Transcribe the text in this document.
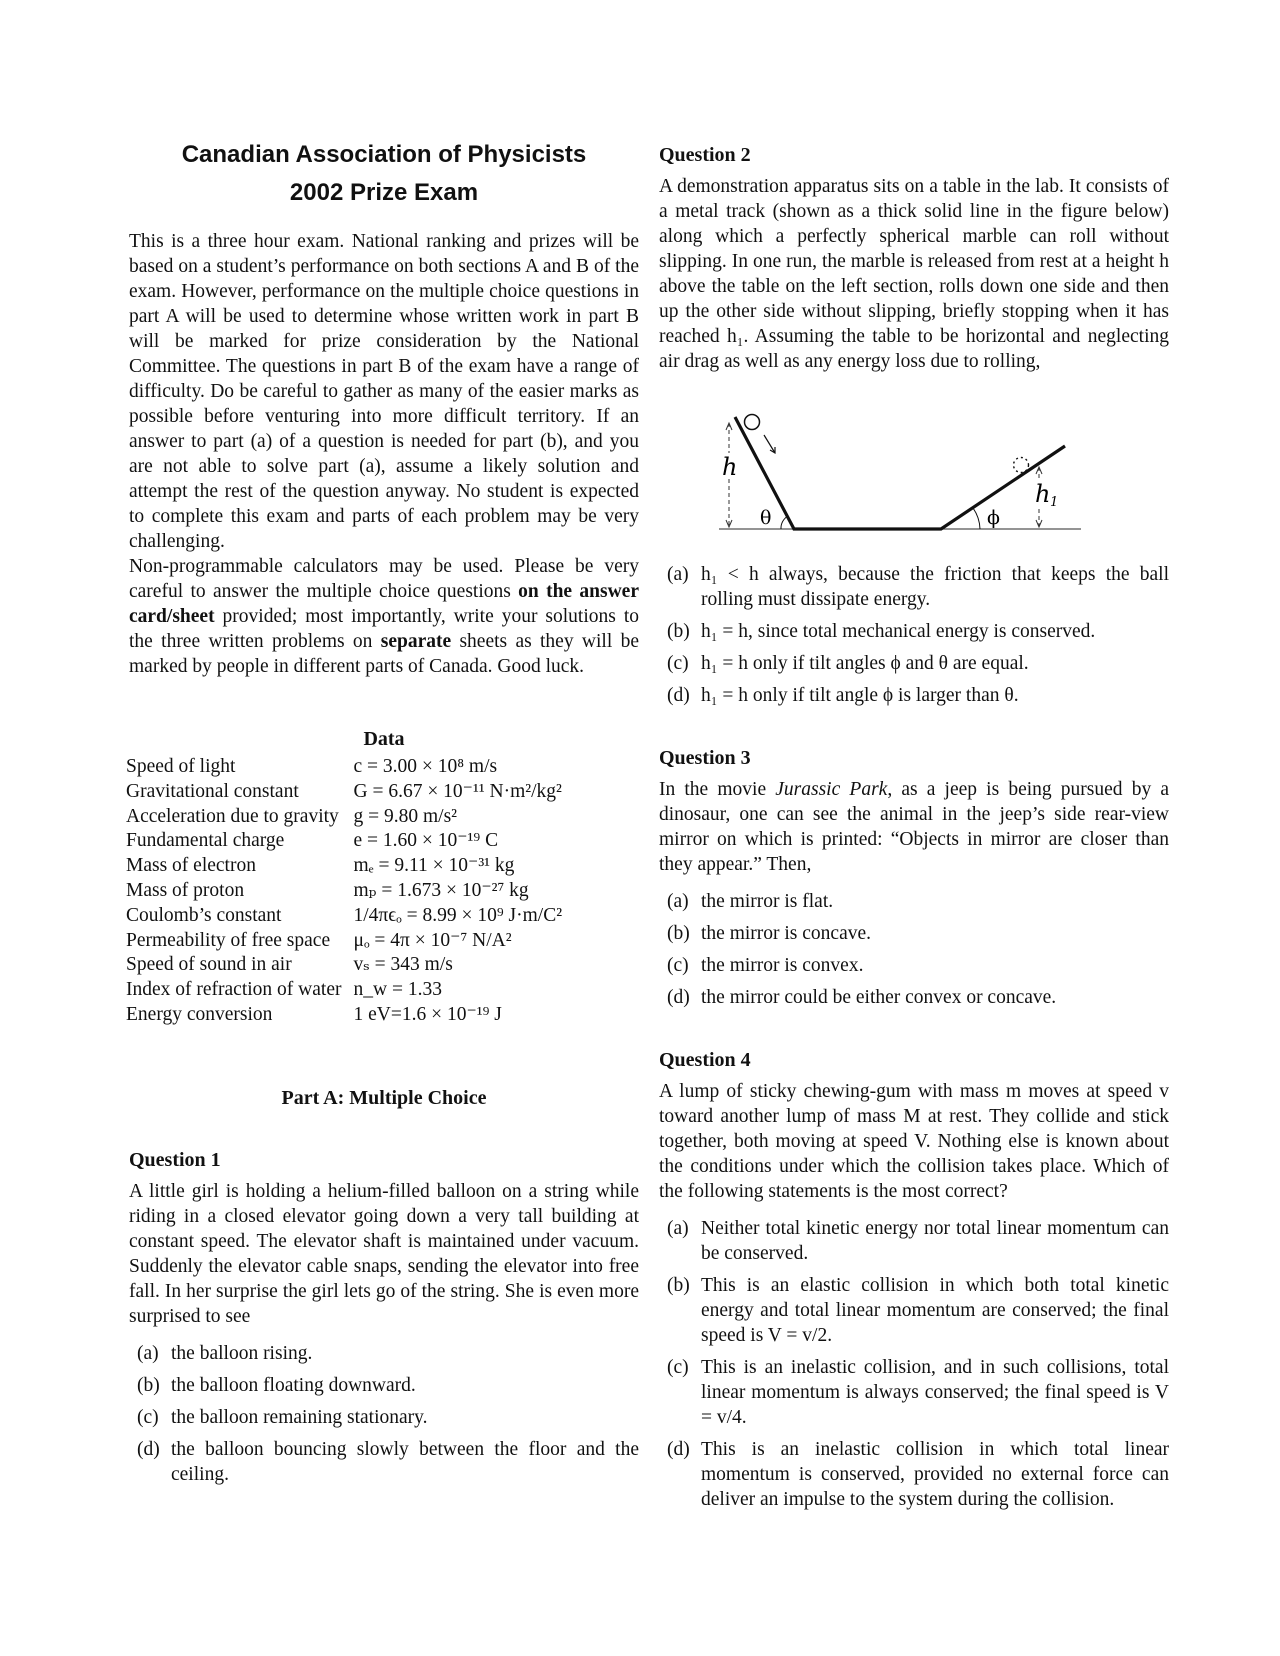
Canadian Association of Physicists

2002 Prize Exam

This is a three hour exam. National ranking and prizes will be based on a student’s performance on both sections A and B of the exam. However, performance on the multiple choice questions in part A will be used to determine whose written work in part B will be marked for prize consideration by the National Committee. The questions in part B of the exam have a range of difficulty. Do be careful to gather as many of the easier marks as possible before venturing into more difficult territory. If an answer to part (a) of a question is needed for part (b), and you are not able to solve part (a), assume a likely solution and attempt the rest of the question anyway. No student is expected to complete this exam and parts of each problem may be very challenging.

Non-programmable calculators may be used. Please be very careful to answer the multiple choice questions on the answer card/sheet provided; most importantly, write your solutions to the three written problems on separate sheets as they will be marked by people in different parts of Canada. Good luck.

Data

Speed of light	c = 3.00 × 10⁸ m/s
Gravitational constant	G = 6.67 × 10⁻¹¹ N·m²/kg²
Acceleration due to gravity	g = 9.80 m/s²
Fundamental charge	e = 1.60 × 10⁻¹⁹ C
Mass of electron	mₑ = 9.11 × 10⁻³¹ kg
Mass of proton	mₚ = 1.673 × 10⁻²⁷ kg
Coulomb’s constant	1/4πϵₒ = 8.99 × 10⁹ J·m/C²
Permeability of free space	μₒ = 4π × 10⁻⁷ N/A²
Speed of sound in air	vₛ = 343 m/s
Index of refraction of water	n_w = 1.33
Energy conversion	1 eV=1.6 × 10⁻¹⁹ J

Part A: Multiple Choice

Question 1

A little girl is holding a helium-filled balloon on a string while riding in a closed elevator going down a very tall building at constant speed. The elevator shaft is maintained under vacuum. Suddenly the elevator cable snaps, sending the elevator into free fall. In her surprise the girl lets go of the string. She is even more surprised to see

(a) the balloon rising.
(b) the balloon floating downward.
(c) the balloon remaining stationary.
(d) the balloon bouncing slowly between the floor and the ceiling.

Question 2

A demonstration apparatus sits on a table in the lab. It consists of a metal track (shown as a thick solid line in the figure below) along which a perfectly spherical marble can roll without slipping. In one run, the marble is released from rest at a height h above the table on the left section, rolls down one side and then up the other side without slipping, briefly stopping when it has reached h₁. Assuming the table to be horizontal and neglecting air drag as well as any energy loss due to rolling,

h
θ	ϕ
h 1
(a) h₁ < h always, because the friction that keeps the ball rolling must dissipate energy.
(b) h₁ = h, since total mechanical energy is conserved.
(c) h₁ = h only if tilt angles ϕ and θ are equal.
(d) h₁ = h only if tilt angle ϕ is larger than θ.

Question 3

In the movie Jurassic Park, as a jeep is being pursued by a dinosaur, one can see the animal in the jeep’s side rear-view mirror on which is printed: “Objects in mirror are closer than they appear.” Then,

(a) the mirror is flat.
(b) the mirror is concave.
(c) the mirror is convex.
(d) the mirror could be either convex or concave.

Question 4

A lump of sticky chewing-gum with mass m moves at speed v toward another lump of mass M at rest. They collide and stick together, both moving at speed V. Nothing else is known about the conditions under which the collision takes place. Which of the following statements is the most correct?

(a) Neither total kinetic energy nor total linear momentum can be conserved.
(b) This is an elastic collision in which both total kinetic energy and total linear momentum are conserved; the final speed is V = v/2.
(c) This is an inelastic collision, and in such collisions, total linear momentum is always conserved; the final speed is V = v/4.
(d) This is an inelastic collision in which total linear momentum is conserved, provided no external force can deliver an impulse to the system during the collision.
